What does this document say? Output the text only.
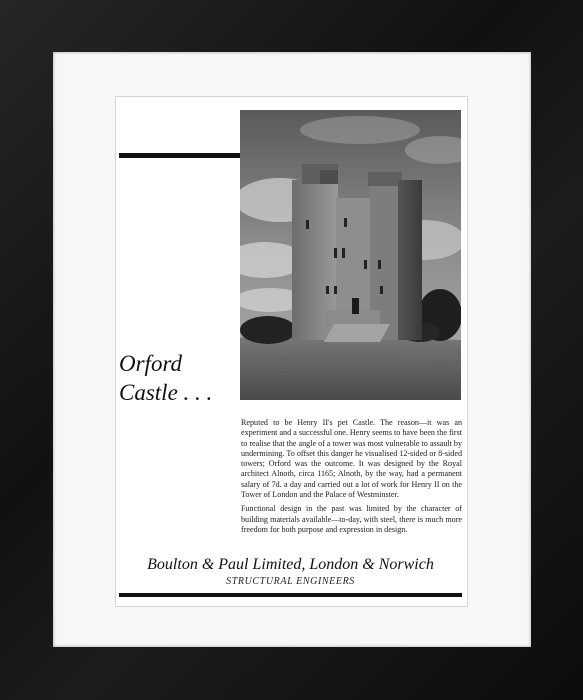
Orford
Castle . . .

Reputed to be Henry II's pet Castle. The reason—it was an experiment and a successful one. Henry seems to have been the first to realise that the angle of a tower was most vulnerable to assault by undermining. To offset this danger he visualised 12-sided or 8-sided towers; Orford was the outcome. It was designed by the Royal architect Alnoth, circa 1165; Alnoth, by the way, had a permanent salary of 7d. a day and carried out a lot of work for Henry II on the Tower of London and the Palace of Westminster.

Functional design in the past was limited by the character of building materials available—to-day, with steel, there is much more freedom for both purpose and expression in design.

Boulton & Paul Limited, London & Norwich
STRUCTURAL ENGINEERS
